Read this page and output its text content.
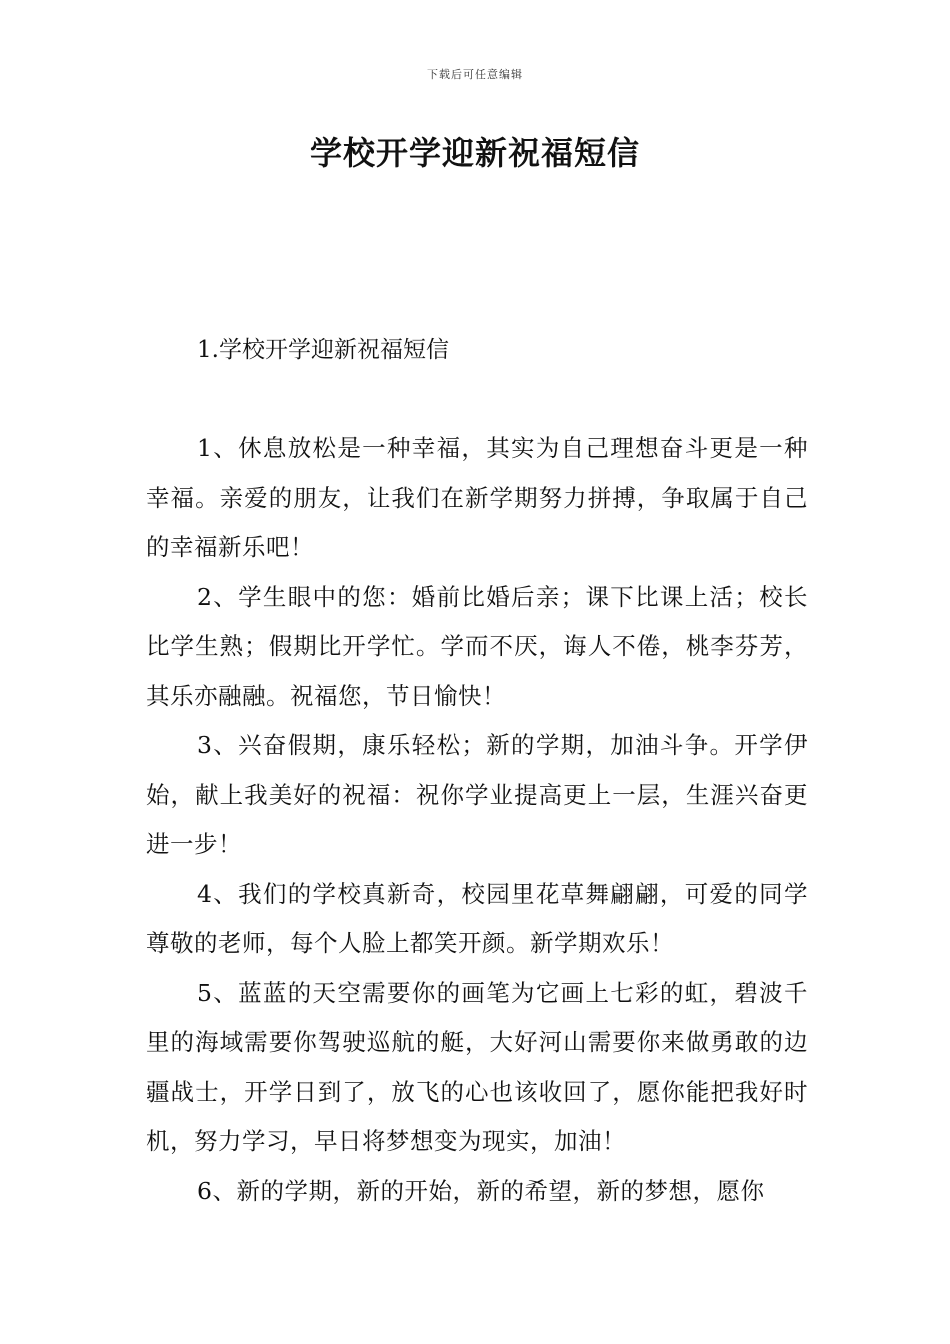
下载后可任意编辑
学校开学迎新祝福短信
1.学校开学迎新祝福短信

1、休息放松是一种幸福，其实为自己理想奋斗更是一种幸福。亲爱的朋友，让我们在新学期努力拼搏，争取属于自己的幸福新乐吧！

2、学生眼中的您：婚前比婚后亲；课下比课上活；校长比学生熟；假期比开学忙。学而不厌，诲人不倦，桃李芬芳，其乐亦融融。祝福您，节日愉快！

3、兴奋假期，康乐轻松；新的学期，加油斗争。开学伊始，献上我美好的祝福：祝你学业提高更上一层，生涯兴奋更进一步！

4、我们的学校真新奇，校园里花草舞翩翩，可爱的同学尊敬的老师，每个人脸上都笑开颜。新学期欢乐！

5、蓝蓝的天空需要你的画笔为它画上七彩的虹，碧波千里的海域需要你驾驶巡航的艇，大好河山需要你来做勇敢的边疆战士，开学日到了，放飞的心也该收回了，愿你能把我好时机，努力学习，早日将梦想变为现实，加油！

6、新的学期，新的开始，新的希望，新的梦想，愿你
